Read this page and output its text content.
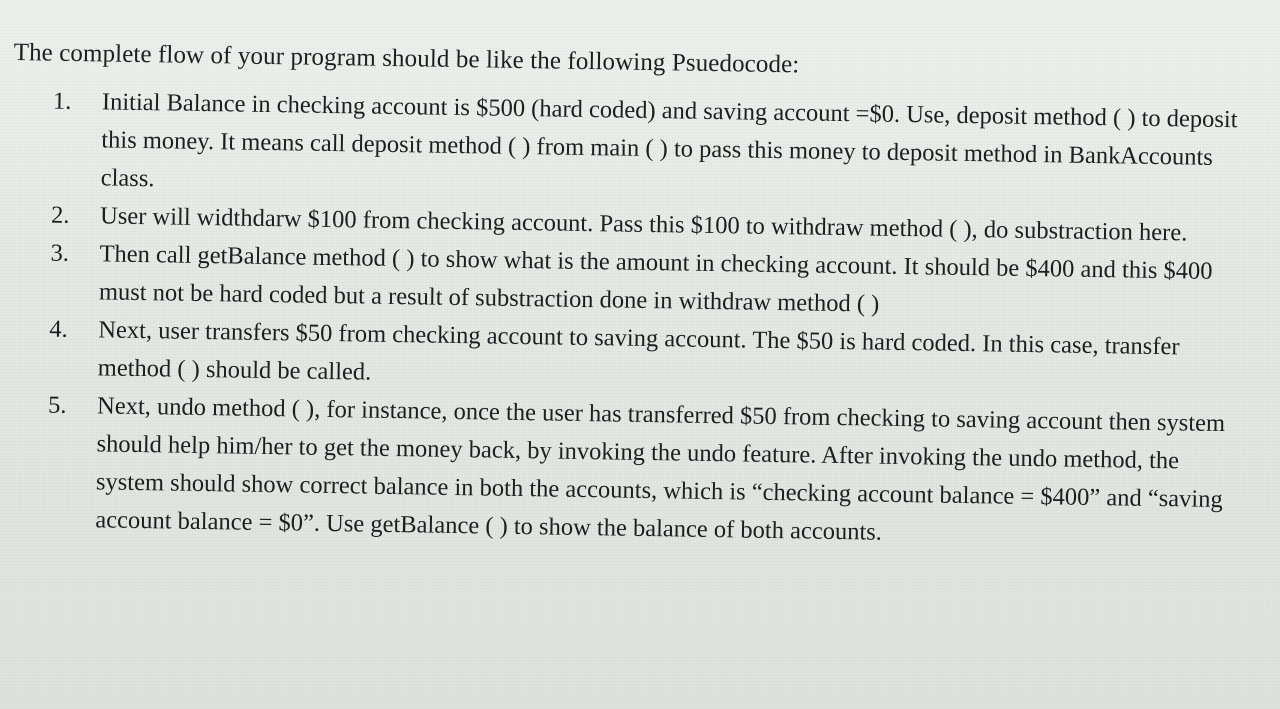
The complete flow of your program should be like the following Psuedocode:

1. Initial Balance in checking account is $500 (hard coded) and saving account =$0. Use, deposit method ( ) to deposit this money. It means call deposit method ( ) from main ( ) to pass this money to deposit method in BankAccounts class.
2. User will widthdarw $100 from checking account. Pass this $100 to withdraw method ( ), do substraction here.
3. Then call getBalance method ( ) to show what is the amount in checking account. It should be $400 and this $400 must not be hard coded but a result of substraction done in withdraw method ( )
4. Next, user transfers $50 from checking account to saving account. The $50 is hard coded. In this case, transfer method ( ) should be called.
5. Next, undo method ( ), for instance, once the user has transferred $50 from checking to saving account then system should help him/her to get the money back, by invoking the undo feature. After invoking the undo method, the system should show correct balance in both the accounts, which is “checking account balance = $400” and “saving account balance = $0”. Use getBalance ( ) to show the balance of both accounts.
